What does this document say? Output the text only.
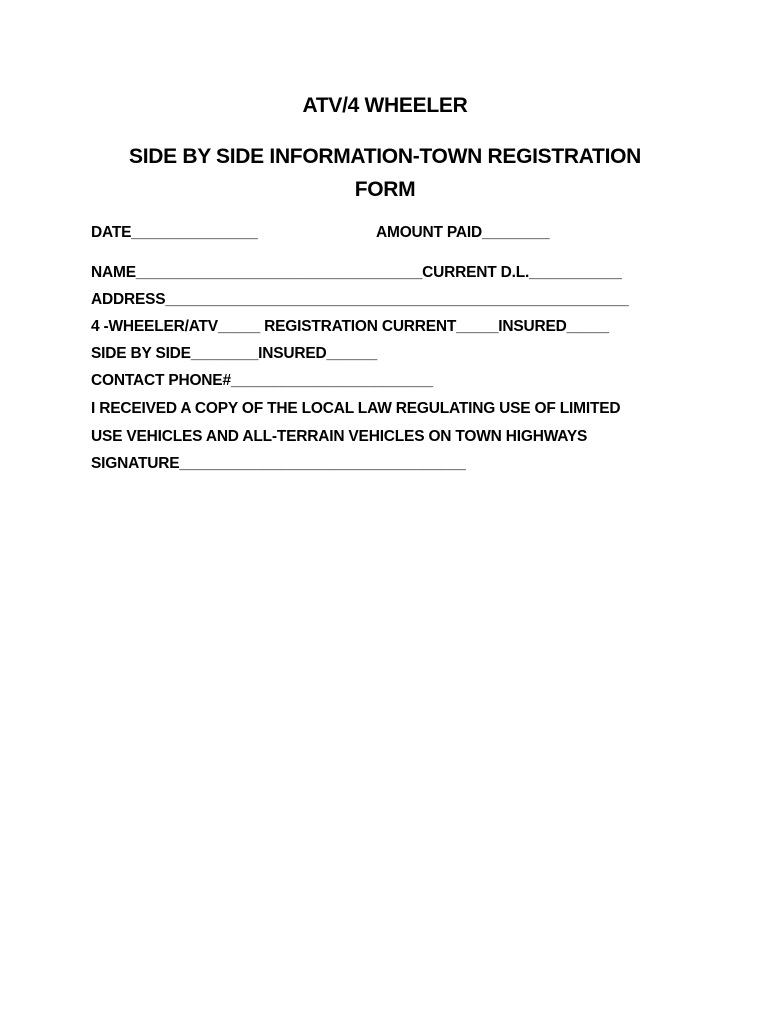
ATV/4 WHEELER
SIDE BY SIDE INFORMATION-TOWN REGISTRATION FORM
DATE_______________	AMOUNT PAID________
NAME__________________________________CURRENT D.L.___________
ADDRESS_______________________________________________________
4 -WHEELER/ATV_____ REGISTRATION CURRENT_____INSURED_____
SIDE BY SIDE________INSURED______
CONTACT PHONE#________________________
I RECEIVED A COPY OF THE LOCAL LAW REGULATING USE OF LIMITED
USE VEHICLES AND ALL-TERRAIN VEHICLES ON TOWN HIGHWAYS
SIGNATURE__________________________________
